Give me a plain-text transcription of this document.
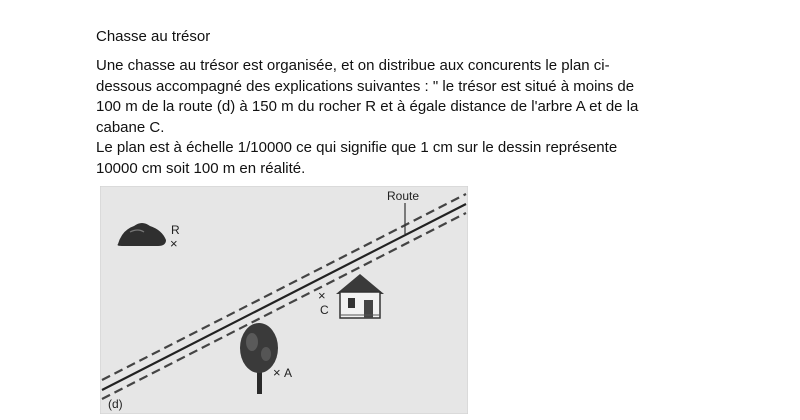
Chasse au trésor
Une chasse au trésor est organisée, et on distribue aux concurents le plan ci-
dessous accompagné des explications suivantes : " le trésor est situé à moins de
100 m de la route (d) à 150 m du rocher R et à égale distance de l'arbre A et de la
cabane C.
Le plan est à échelle 1/10000 ce qui signifie que 1 cm sur le dessin représente
10000 cm soit 100 m en réalité.
Route
(d)
R
×
× A
×
C
